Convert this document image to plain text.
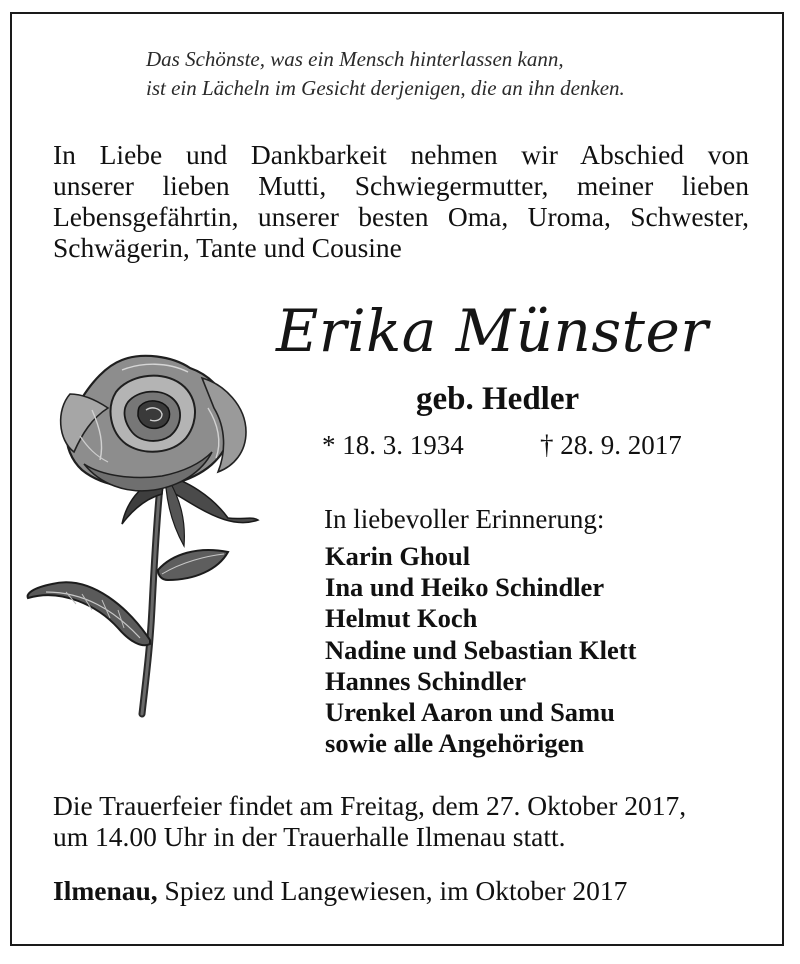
Das Schönste, was ein Mensch hinterlassen kann,
ist ein Lächeln im Gesicht derjenigen, die an ihn denken.
In Liebe und Dankbarkeit nehmen wir Abschied von
unserer lieben Mutti, Schwiegermutter, meiner lieben
Lebensgefährtin, unserer besten Oma, Uroma, Schwester,
Schwägerin, Tante und Cousine
Erika Münster
geb. Hedler
* 18. 3. 1934	† 28. 9. 2017
In liebevoller Erinnerung:
Karin Ghoul
Ina und Heiko Schindler
Helmut Koch
Nadine und Sebastian Klett
Hannes Schindler
Urenkel Aaron und Samu
sowie alle Angehörigen
Die Trauerfeier findet am Freitag, dem 27. Oktober 2017,
um 14.00 Uhr in der Trauerhalle Ilmenau statt.
Ilmenau, Spiez und Langewiesen, im Oktober 2017
